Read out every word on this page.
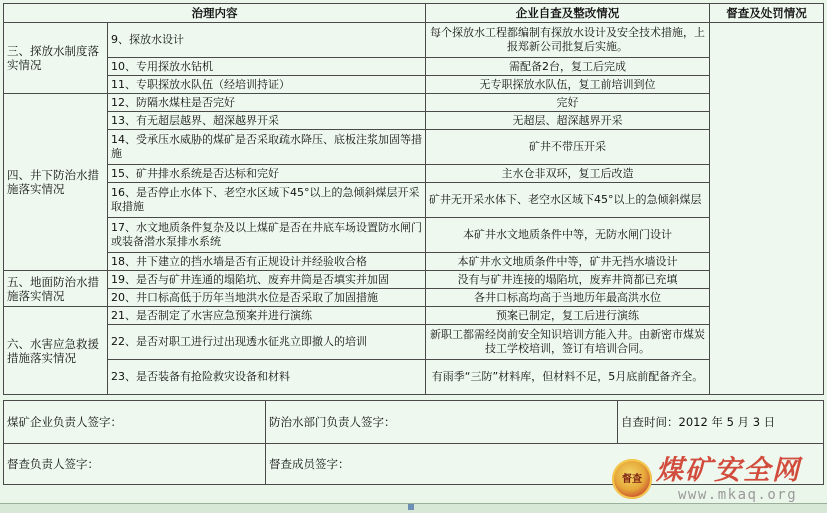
治理内容		企业自查及整改情况	督查及处罚情况
三、探放水制度落实情况	9、探放水设计	每个探放水工程都编制有探放水设计及安全技术措施，上报郑新公司批复后实施。	
	10、专用探放水钻机	需配备2台，复工后完成	
	11、专职探放水队伍（经培训持证）	无专职探放水队伍，复工前培训到位	
四、井下防治水措施落实情况	12、防隔水煤柱是否完好	完好	
	13、有无超层越界、超深越界开采	无超层、超深越界开采	
	14、受承压水威胁的煤矿是否采取疏水降压、底板注浆加固等措施	矿井不带压开采	
	15、矿井排水系统是否达标和完好	主水仓非双环，复工后改造	
	16、是否停止水体下、老空水区域下45°以上的急倾斜煤层开采取措施	矿井无开采水体下、老空水区域下45°以上的急倾斜煤层	
	17、水文地质条件复杂及以上煤矿是否在井底车场设置防水闸门或装备潜水泵排水系统	本矿井水文地质条件中等，无防水闸门设计	
	18、井下建立的挡水墙是否有正规设计并经验收合格	本矿井水文地质条件中等，矿井无挡水墙设计	
五、地面防治水措施落实情况	19、是否与矿井连通的塌陷坑、废弃井筒是否填实并加固	没有与矿井连接的塌陷坑，废弃井筒都已充填	
	20、井口标高低于历年当地洪水位是否采取了加固措施	各井口标高均高于当地历年最高洪水位	
六、水害应急救援措施落实情况	21、是否制定了水害应急预案并进行演练	预案已制定，复工后进行演练	
	22、是否对职工进行过出现透水征兆立即撤人的培训	新职工都需经岗前安全知识培训方能入井。由新密市煤炭技工学校培训，签订有培训合同。	
	23、是否装备有抢险救灾设备和材料	有雨季“三防”材料库，但材料不足，5月底前配备齐全。	
煤矿企业负责人签字：	防治水部门负责人签字：	自查时间：2012 年 5 月 3 日
督查负责人签字：	督查成员签字：	
督查 煤矿安全网
www.mkaq.org
